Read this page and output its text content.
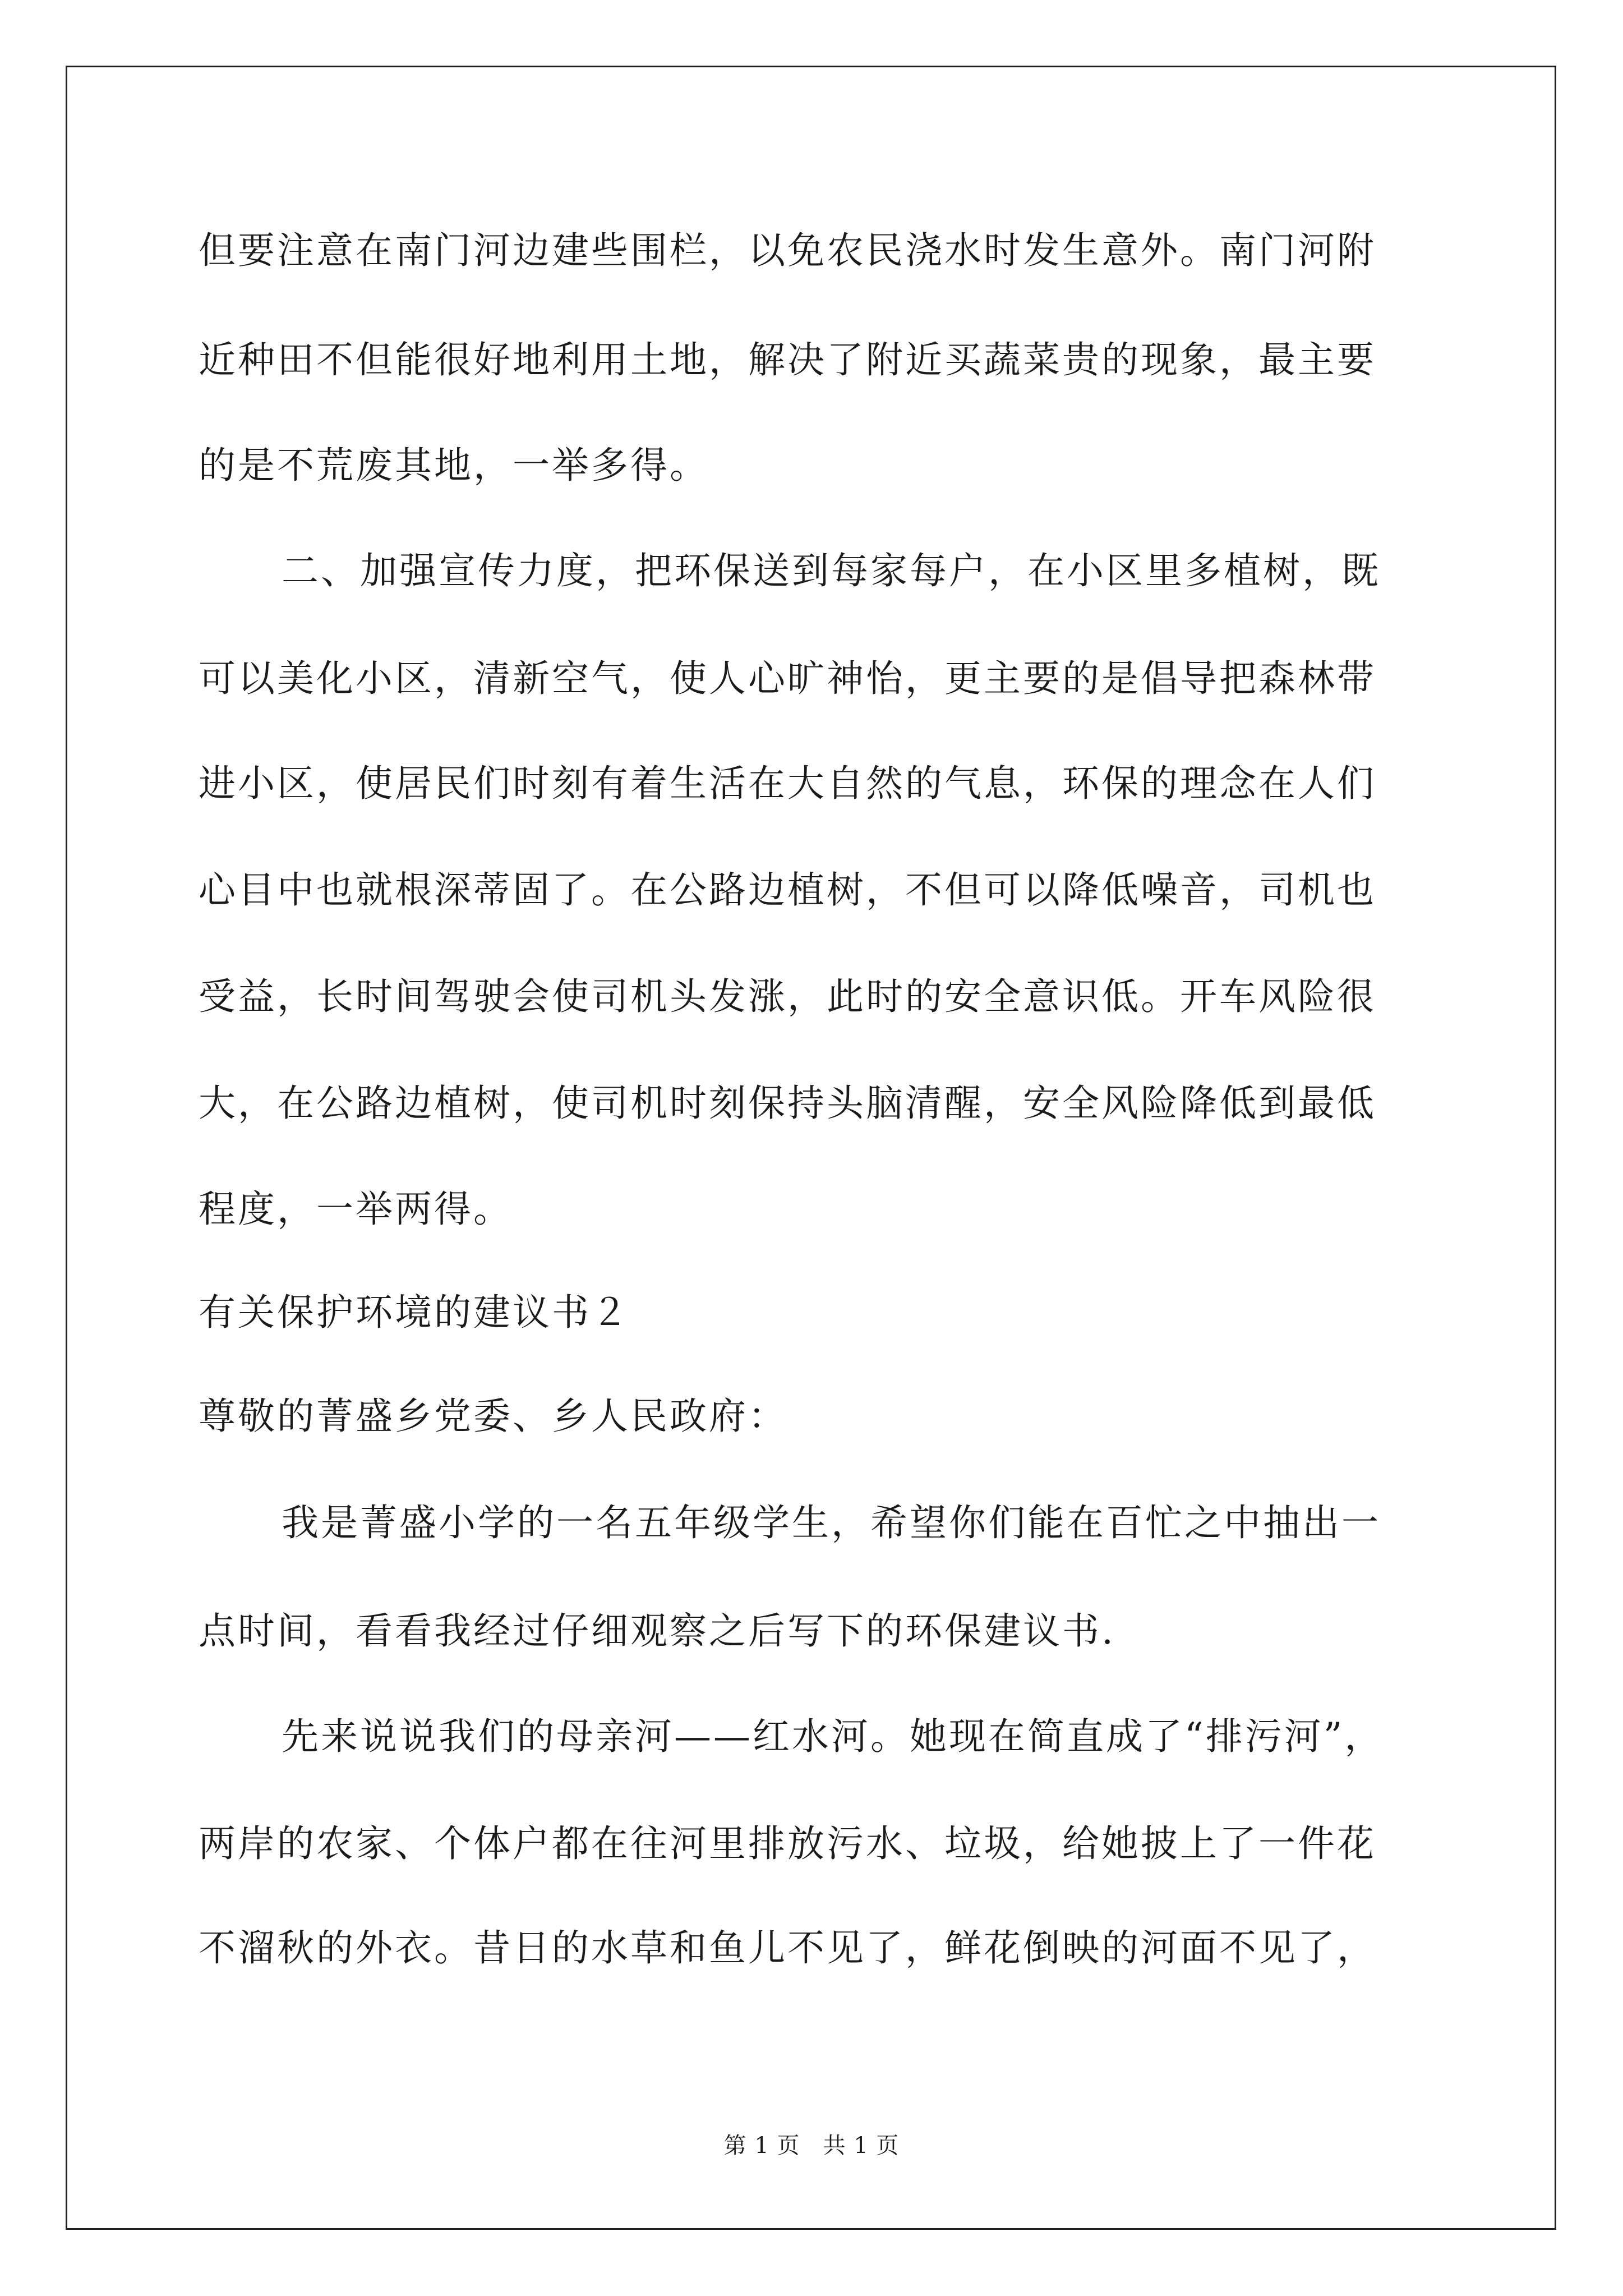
但要注意在南门河边建些围栏，以免农民浇水时发生意外。南门河附
近种田不但能很好地利用土地，解决了附近买蔬菜贵的现象，最主要
的是不荒废其地，一举多得。
二、加强宣传力度，把环保送到每家每户，在小区里多植树，既
可以美化小区，清新空气，使人心旷神怡，更主要的是倡导把森林带
进小区，使居民们时刻有着生活在大自然的气息，环保的理念在人们
心目中也就根深蒂固了。在公路边植树，不但可以降低噪音，司机也
受益，长时间驾驶会使司机头发涨，此时的安全意识低。开车风险很
大，在公路边植树，使司机时刻保持头脑清醒，安全风险降低到最低
程度，一举两得。
有关保护环境的建议书２
尊敬的菁盛乡党委、乡人民政府：
我是菁盛小学的一名五年级学生，希望你们能在百忙之中抽出一
点时间，看看我经过仔细观察之后写下的环保建议书.
先来说说我们的母亲河——红水河。她现在简直成了“排污河”，
两岸的农家、个体户都在往河里排放污水、垃圾，给她披上了一件花
不溜秋的外衣。昔日的水草和鱼儿不见了，鲜花倒映的河面不见了，
第 1 页　共 1 页
